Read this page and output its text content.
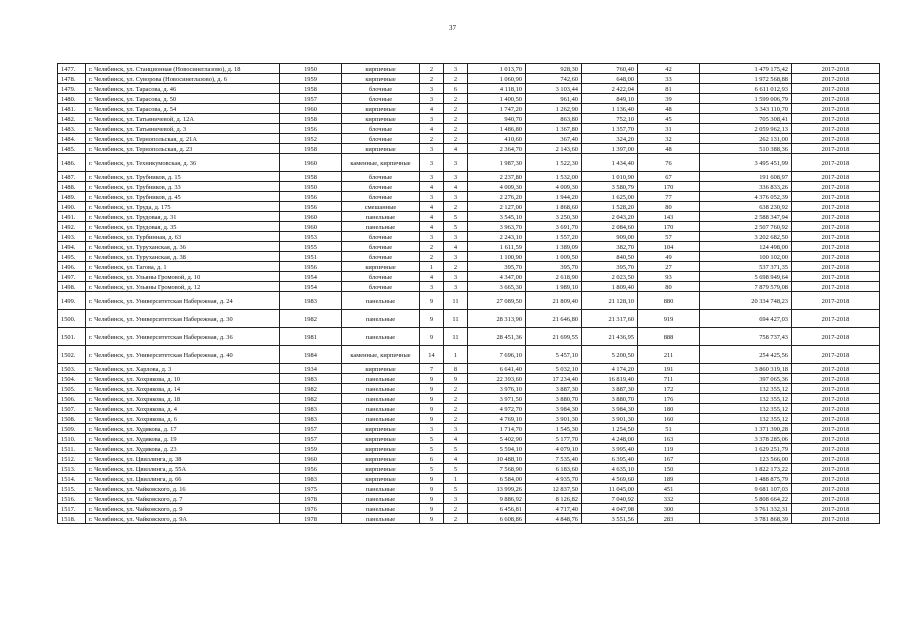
37
1477.	г. Челябинск, ул. Станционная (Новосинеглазово), д. 18	1950	кирпичные	2	3	1 013,70	928,30	760,40	42	1 479 175,42	2017-2018
1478.	г. Челябинск, ул. Суворова (Новосинеглазово), д. 6	1959	кирпичные	2	2	1 060,90	742,60	648,00	33	1 972 568,88	2017-2018
1479.	г. Челябинск, ул. Тарасова, д. 46	1958	блочные	3	6	4 118,10	3 103,44	2 422,04	81	6 611 012,93	2017-2018
1480.	г. Челябинск, ул. Тарасова, д. 50	1957	блочные	3	2	1 400,50	961,40	849,10	39	1 599 006,79	2017-2018
1481.	г. Челябинск, ул. Тарасова, д. 54	1960	кирпичные	4	2	1 747,20	1 262,90	1 136,40	48	3 343 110,70	2017-2018
1482.	г. Челябинск, ул. Татьяничевой, д. 12А	1958	кирпичные	3	2	940,70	863,80	752,10	45	705 308,41	2017-2018
1483.	г. Челябинск, ул. Татьяничевой, д. 3	1956	блочные	4	2	1 486,80	1 367,80	1 357,70	31	2 059 962,13	2017-2018
1484.	г. Челябинск, ул. Тернопольская, д. 21А	1952	блочные	2	2	410,60	367,40	324,20	32	262 131,00	2017-2018
1485.	г. Челябинск, ул. Тернопольская, д. 23	1958	кирпичные	3	4	2 364,70	2 143,60	1 397,00	48	510 388,36	2017-2018
1486.	г. Челябинск, ул. Техникумовская, д. 36	1960	каменные, кирпичные	3	3	1 987,30	1 522,30	1 434,40	76	3 495 451,99	2017-2018
1487.	г. Челябинск, ул. Трубников, д. 15	1958	блочные	3	3	2 237,80	1 532,00	1 010,90	67	191 608,97	2017-2018
1488.	г. Челябинск, ул. Трубников, д. 33	1950	блочные	4	4	4 009,30	4 009,30	3 580,79	170	336 833,26	2017-2018
1489.	г. Челябинск, ул. Трубников, д. 45	1956	блочные	3	3	2 276,20	1 944,20	1 625,00	77	4 376 052,39	2017-2018
1490.	г. Челябинск, ул. Труда, д. 175	1956	смешанные	4	2	2 127,00	1 868,60	1 528,20	80	638 230,92	2017-2018
1491.	г. Челябинск, ул. Трудовая, д. 31	1960	панельные	4	5	3 545,10	3 250,30	2 043,20	143	2 588 347,94	2017-2018
1492.	г. Челябинск, ул. Трудовая, д. 35	1960	панельные	4	5	3 963,70	3 691,70	2 084,60	170	2 507 760,92	2017-2018
1493.	г. Челябинск, ул. Турбинная, д. 63	1953	блочные	3	3	2 243,10	1 557,20	909,00	57	3 202 682,50	2017-2018
1494.	г. Челябинск, ул. Туруханская, д. 36	1955	блочные	2	4	1 611,59	1 389,09	382,70	104	124 498,00	2017-2018
1495.	г. Челябинск, ул. Туруханская, д. 38	1951	блочные	2	3	1 100,90	1 009,50	840,50	49	100 102,00	2017-2018
1496.	г. Челябинск, ул. Тагова, д. 1	1956	кирпичные	1	2	395,70	395,70	395,70	27	537 371,35	2017-2018
1497.	г. Челябинск, ул. Ульяны Громовой, д. 10	1954	блочные	4	3	4 347,00	2 618,90	2 023,50	93	5 698 949,64	2017-2018
1498.	г. Челябинск, ул. Ульяны Громовой, д. 12	1954	блочные	3	3	3 665,30	1 989,10	1 809,40	80	7 879 579,08	2017-2018
1499.	г. Челябинск, ул. Университетская Набережная, д. 24	1983	панельные	9	11	27 089,50	21 809,40	21 128,10	880	20 334 748,23	2017-2018
1500.	г. Челябинск, ул. Университетская Набережная, д. 30	1982	панельные	9	11	28 313,90	21 646,80	21 317,60	919	694 427,03	2017-2018
1501.	г. Челябинск, ул. Университетская Набережная, д. 36	1981	панельные	9	11	28 451,36	21 699,55	21 436,95	888	758 737,43	2017-2018
1502.	г. Челябинск, ул. Университетская Набережная, д. 40	1984	каменные, кирпичные	14	1	7 696,10	5 457,10	5 200,50	211	254 425,56	2017-2018
1503.	г. Челябинск, ул. Харлова, д. 3	1934	кирпичные	7	8	6 641,40	5 032,10	4 174,20	191	3 860 319,18	2017-2018
1504.	г. Челябинск, ул. Хохрякова, д. 10	1983	панельные	9	9	22 393,60	17 234,40	16 819,40	711	397 065,36	2017-2018
1505.	г. Челябинск, ул. Хохрякова, д. 14	1982	панельные	9	2	3 976,10	3 887,30	3 887,30	172	132 355,12	2017-2018
1506.	г. Челябинск, ул. Хохрякова, д. 18	1982	панельные	9	2	3 971,50	3 880,70	3 880,70	176	132 355,12	2017-2018
1507.	г. Челябинск, ул. Хохрякова, д. 4	1983	панельные	9	2	4 972,70	3 984,30	3 984,30	180	132 355,12	2017-2018
1508.	г. Челябинск, ул. Хохрякова, д. 6	1983	панельные	9	2	4 769,10	3 901,30	3 901,30	160	132 355,12	2017-2018
1509.	г. Челябинск, ул. Худякова, д. 17	1957	кирпичные	3	3	1 714,70	1 545,30	1 254,50	51	1 371 390,28	2017-2018
1510.	г. Челябинск, ул. Худякова, д. 19	1957	кирпичные	5	4	5 402,90	5 177,70	4 248,00	163	3 378 285,06	2017-2018
1511.	г. Челябинск, ул. Худякова, д. 23	1959	кирпичные	5	5	5 594,10	4 079,10	3 995,40	119	1 629 251,79	2017-2018
1512.	г. Челябинск, ул. Цвиллинга, д. 38	1960	кирпичные	6	4	10 488,10	7 535,40	6 395,40	167	123 566,00	2017-2018
1513.	г. Челябинск, ул. Цвиллинга, д. 55А	1956	кирпичные	5	5	7 568,90	6 183,60	4 635,10	150	1 822 173,22	2017-2018
1514.	г. Челябинск, ул. Цвиллинга, д. 66	1983	кирпичные	9	1	6 584,00	4 935,70	4 569,60	189	1 488 875,79	2017-2018
1515.	г. Челябинск, ул. Чайковского, д. 16	1975	панельные	9	5	13 999,26	12 837,50	11 045,00	451	9 681 107,03	2017-2018
1516.	г. Челябинск, ул. Чайковского, д. 7	1978	панельные	9	3	9 886,92	8 126,82	7 040,92	332	5 808 664,22	2017-2018
1517.	г. Челябинск, ул. Чайковского, д. 9	1976	панельные	9	2	6 456,81	4 717,40	4 047,98	300	3 761 332,31	2017-2018
1518.	г. Челябинск, ул. Чайковского, д. 9А	1978	панельные	9	2	6 608,86	4 848,76	3 551,56	283	3 781 868,39	2017-2018
